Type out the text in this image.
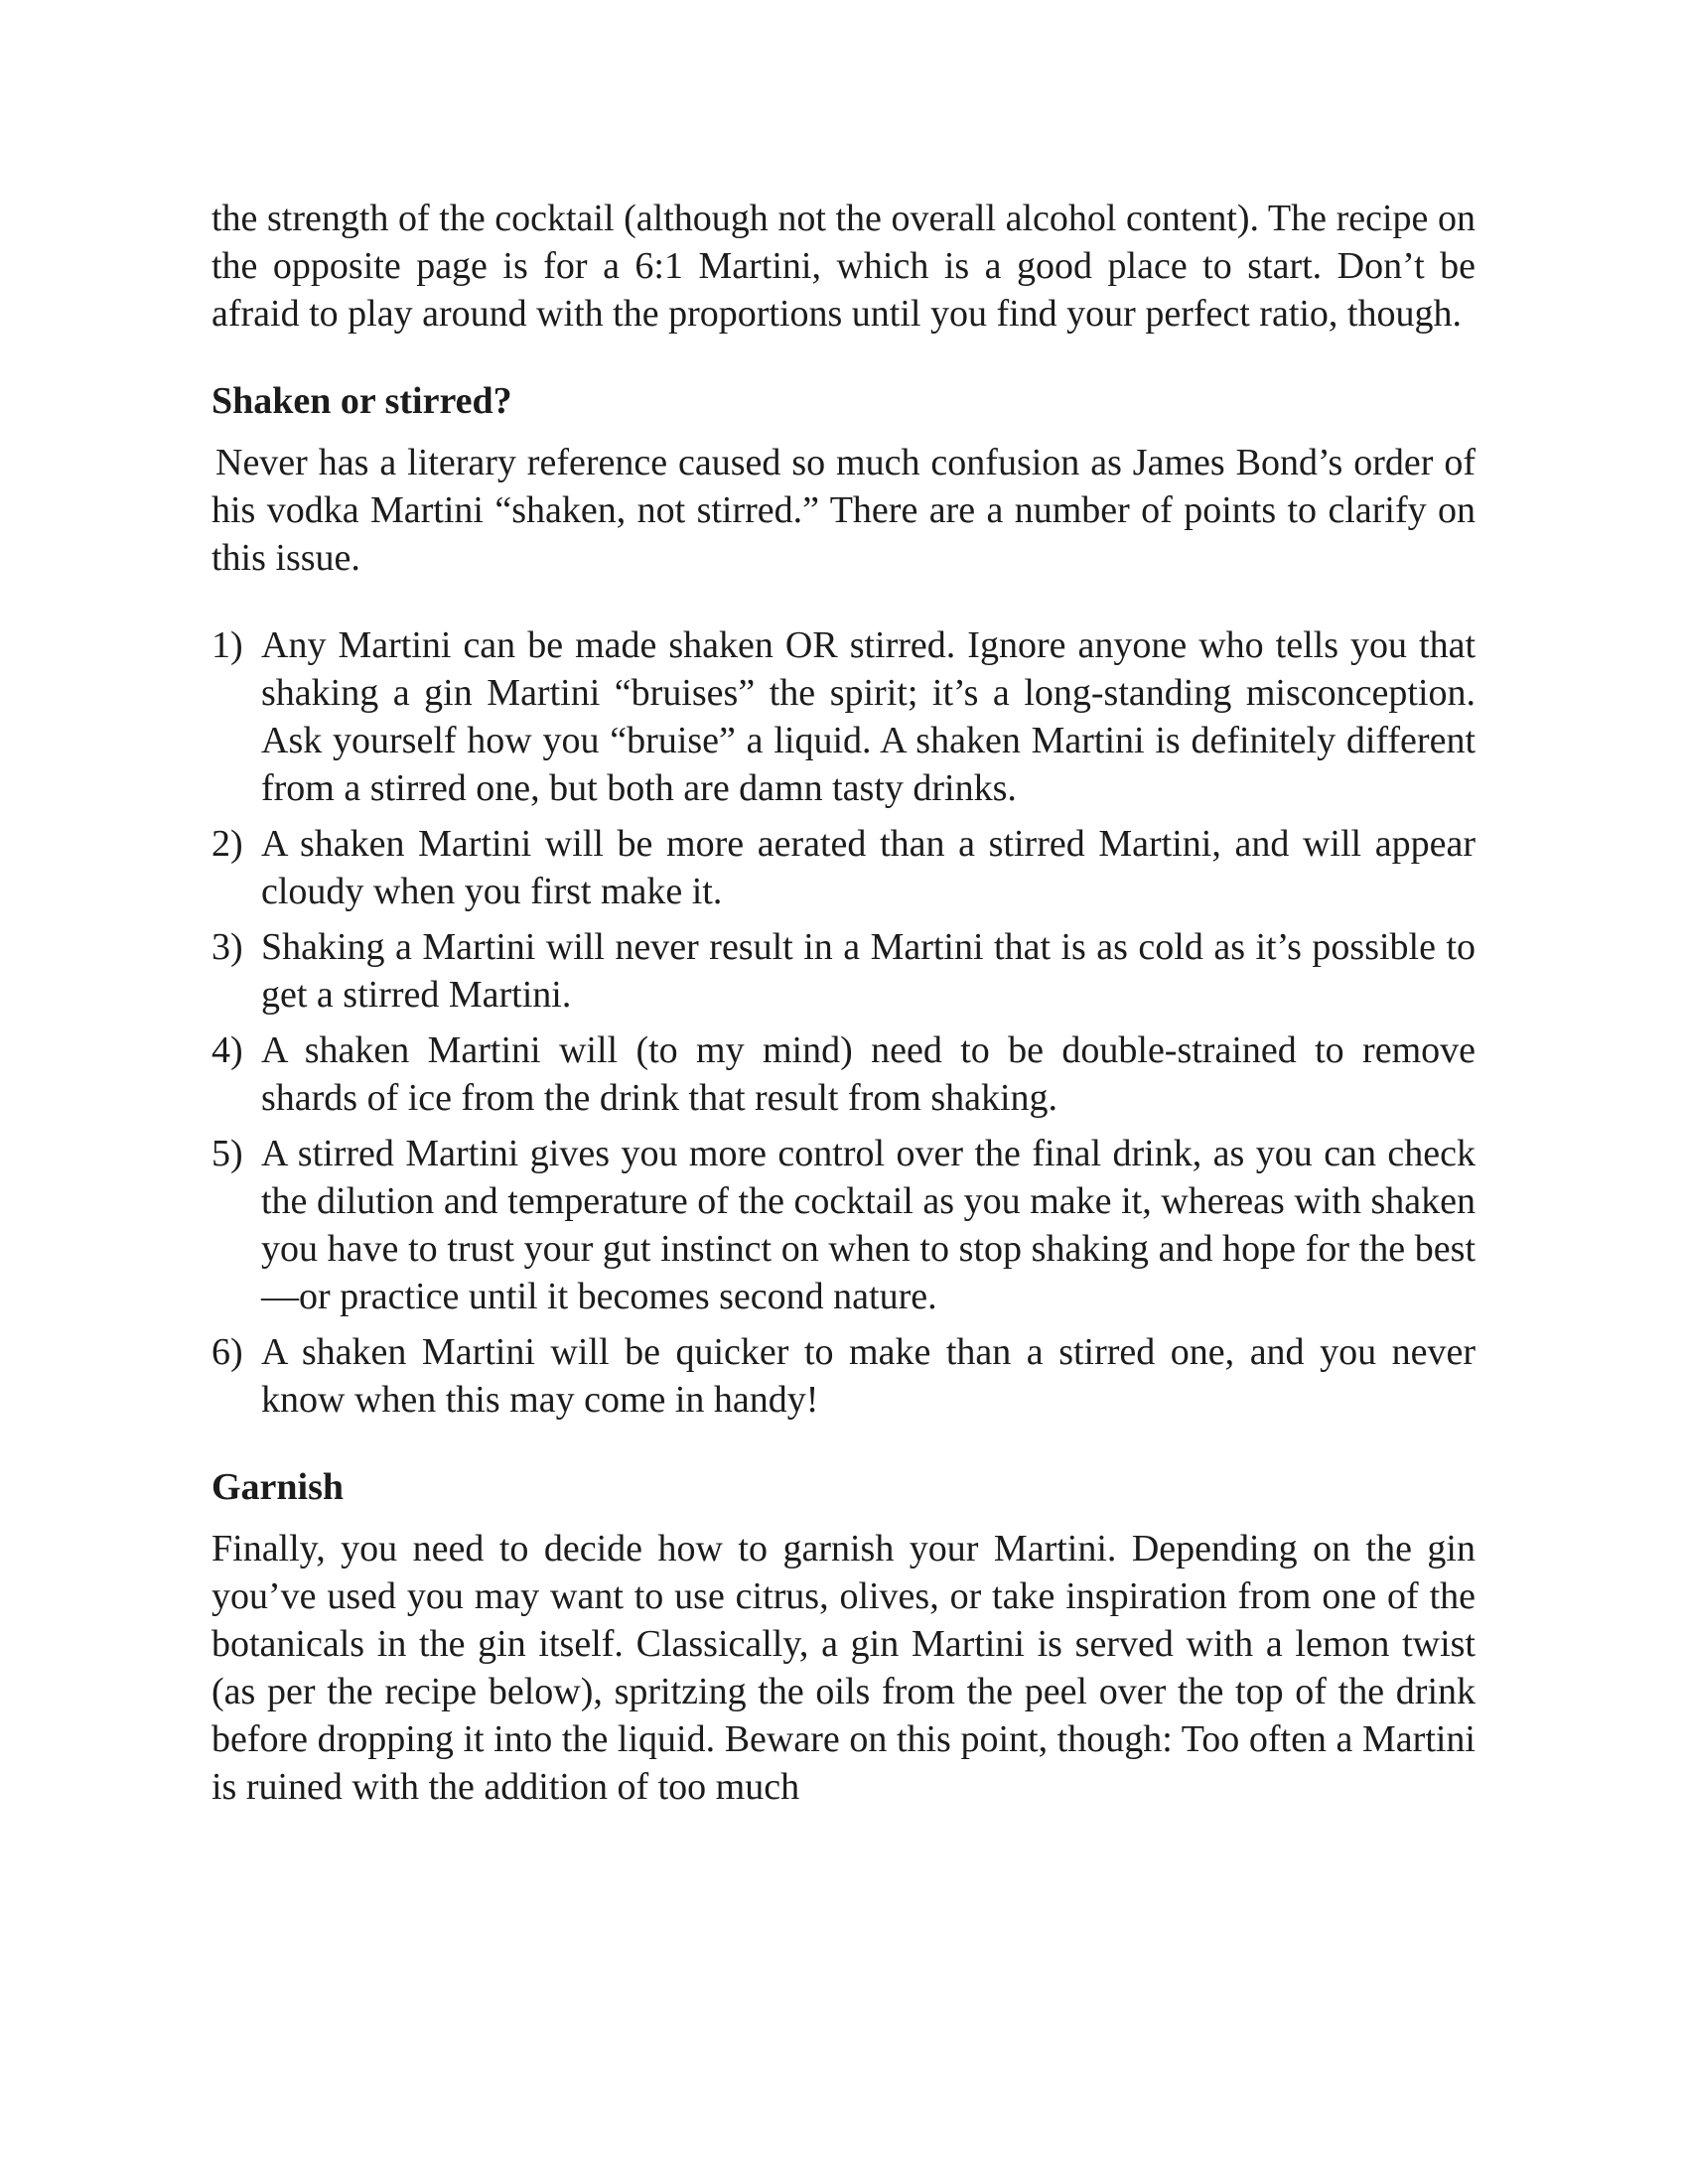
the strength of the cocktail (although not the overall alcohol content). The recipe on the opposite page is for a 6:1 Martini, which is a good place to start. Don’t be afraid to play around with the proportions until you find your perfect ratio, though.

Shaken or stirred?

Never has a literary reference caused so much confusion as James Bond’s order of his vodka Martini “shaken, not stirred.” There are a number of points to clarify on this issue.

1) Any Martini can be made shaken OR stirred. Ignore anyone who tells you that shaking a gin Martini “bruises” the spirit; it’s a long-standing misconception. Ask yourself how you “bruise” a liquid. A shaken Martini is definitely different from a stirred one, but both are damn tasty drinks.
2) A shaken Martini will be more aerated than a stirred Martini, and will appear cloudy when you first make it.
3) Shaking a Martini will never result in a Martini that is as cold as it’s possible to get a stirred Martini.
4) A shaken Martini will (to my mind) need to be double-strained to remove shards of ice from the drink that result from shaking.
5) A stirred Martini gives you more control over the final drink, as you can check the dilution and temperature of the cocktail as you make it, whereas with shaken you have to trust your gut instinct on when to stop shaking and hope for the best—or practice until it becomes second nature.
6) A shaken Martini will be quicker to make than a stirred one, and you never know when this may come in handy!
Garnish

Finally, you need to decide how to garnish your Martini. Depending on the gin you’ve used you may want to use citrus, olives, or take inspiration from one of the botanicals in the gin itself. Classically, a gin Martini is served with a lemon twist (as per the recipe below), spritzing the oils from the peel over the top of the drink before dropping it into the liquid. Beware on this point, though: Too often a Martini is ruined with the addition of too much
